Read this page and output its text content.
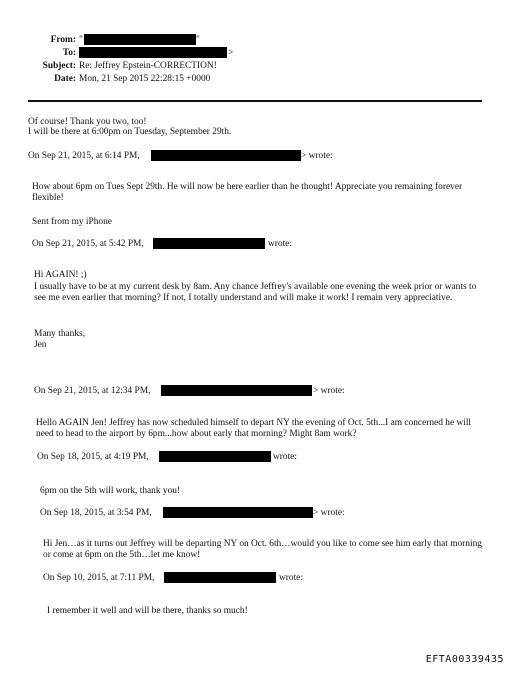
From: "	"
To:	>
Subject: Re: Jeffrey Epstein-CORRECTION!
Date: Mon, 21 Sep 2015 22:28:15 +0000
Of course! Thank you two, too!
I will be there at 6:00pm on Tuesday, September 29th.
On Sep 21, 2015, at 6:14 PM,	> wrote:
How about 6pm on Tues Sept 29th. He will now be here earlier than he thought! Appreciate you remaining forever flexible!
Sent from my iPhone
On Sep 21, 2015, at 5:42 PM,	wrote:
Hi AGAIN! ;)
I usually have to be at my current desk by 8am. Any chance Jeffrey's available one evening the week prior or wants to see me even earlier that morning? If not, I totally understand and will make it work! I remain very appreciative.
Many thanks,
Jen
On Sep 21, 2015, at 12:34 PM,	> wrote:
Hello AGAIN Jen! Jeffrey has now scheduled himself to depart NY the evening of Oct. 5th...I am concerned he will need to head to the airport by 6pm...how about early that morning? Might 8am work?
On Sep 18, 2015, at 4:19 PM,	wrote:
6pm on the 5th will work, thank you!
On Sep 18, 2015, at 3:54 PM,	> wrote:
Hi Jen…as it turns out Jeffrey will be departing NY on Oct. 6th…would you like to come see him early that morning or come at 6pm on the 5th…let me know!
On Sep 10, 2015, at 7:11 PM,	wrote:
I remember it well and will be there, thanks so much!
EFTA00339435
